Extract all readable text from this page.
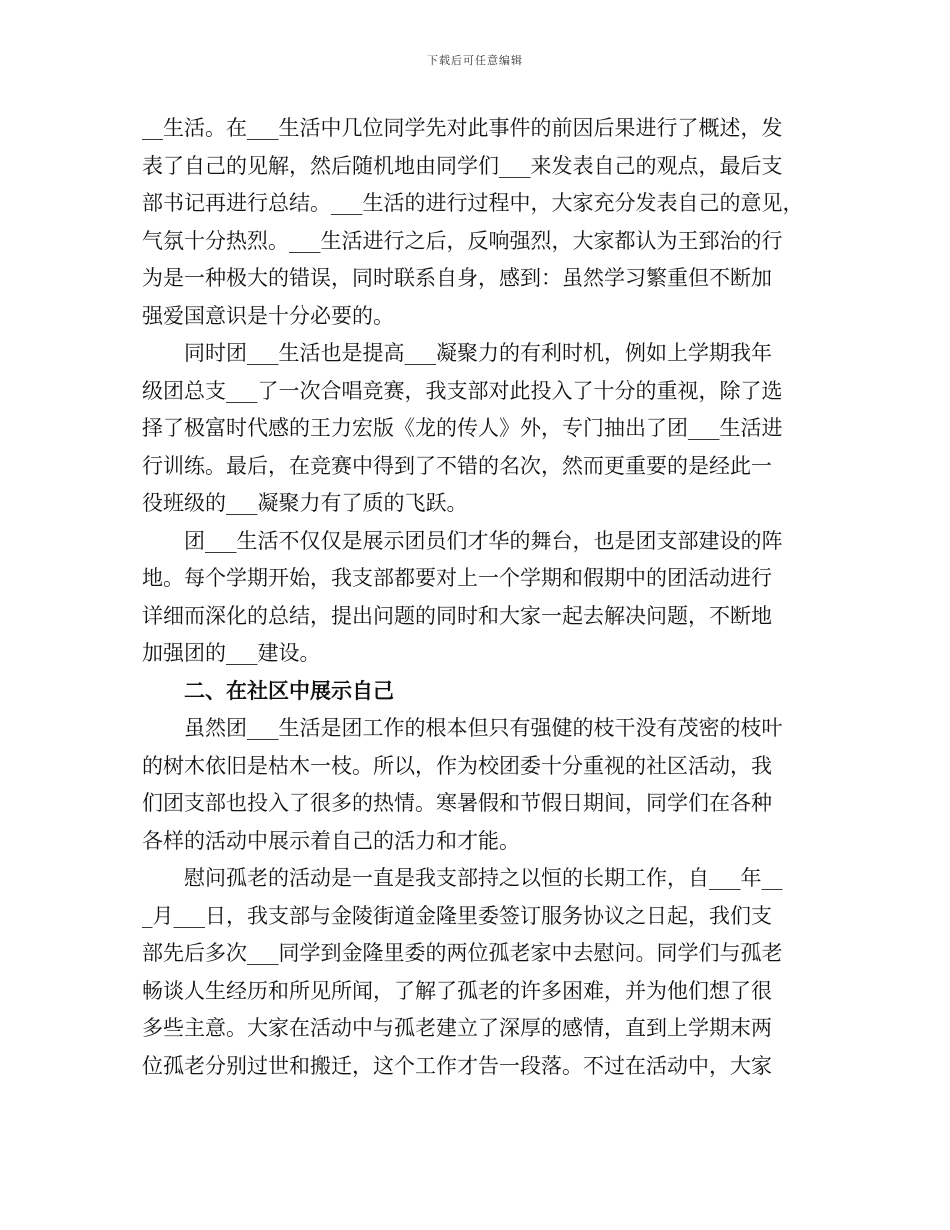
下载后可任意编辑
__生活。在___生活中几位同学先对此事件的前因后果进行了概述，发
表了自己的见解，然后随机地由同学们___来发表自己的观点，最后支
部书记再进行总结。___生活的进行过程中，大家充分发表自己的意见，
气氛十分热烈。___生活进行之后，反响强烈，大家都认为王郅治的行
为是一种极大的错误，同时联系自身，感到：虽然学习繁重但不断加
强爱国意识是十分必要的。
　　同时团___生活也是提高___凝聚力的有利时机，例如上学期我年
级团总支___了一次合唱竞赛，我支部对此投入了十分的重视，除了选
择了极富时代感的王力宏版《龙的传人》外，专门抽出了团___生活进
行训练。最后，在竞赛中得到了不错的名次，然而更重要的是经此一
役班级的___凝聚力有了质的飞跃。
　　团___生活不仅仅是展示团员们才华的舞台，也是团支部建设的阵
地。每个学期开始，我支部都要对上一个学期和假期中的团活动进行
详细而深化的总结，提出问题的同时和大家一起去解决问题，不断地
加强团的___建设。
　　二、在社区中展示自己
　　虽然团___生活是团工作的根本但只有强健的枝干没有茂密的枝叶
的树木依旧是枯木一枝。所以，作为校团委十分重视的社区活动，我
们团支部也投入了很多的热情。寒暑假和节假日期间，同学们在各种
各样的活动中展示着自己的活力和才能。
　　慰问孤老的活动是一直是我支部持之以恒的长期工作，自___年__
_月___日，我支部与金陵街道金隆里委签订服务协议之日起，我们支
部先后多次___同学到金隆里委的两位孤老家中去慰问。同学们与孤老
畅谈人生经历和所见所闻，了解了孤老的许多困难，并为他们想了很
多些主意。大家在活动中与孤老建立了深厚的感情，直到上学期末两
位孤老分别过世和搬迁，这个工作才告一段落。不过在活动中，大家
